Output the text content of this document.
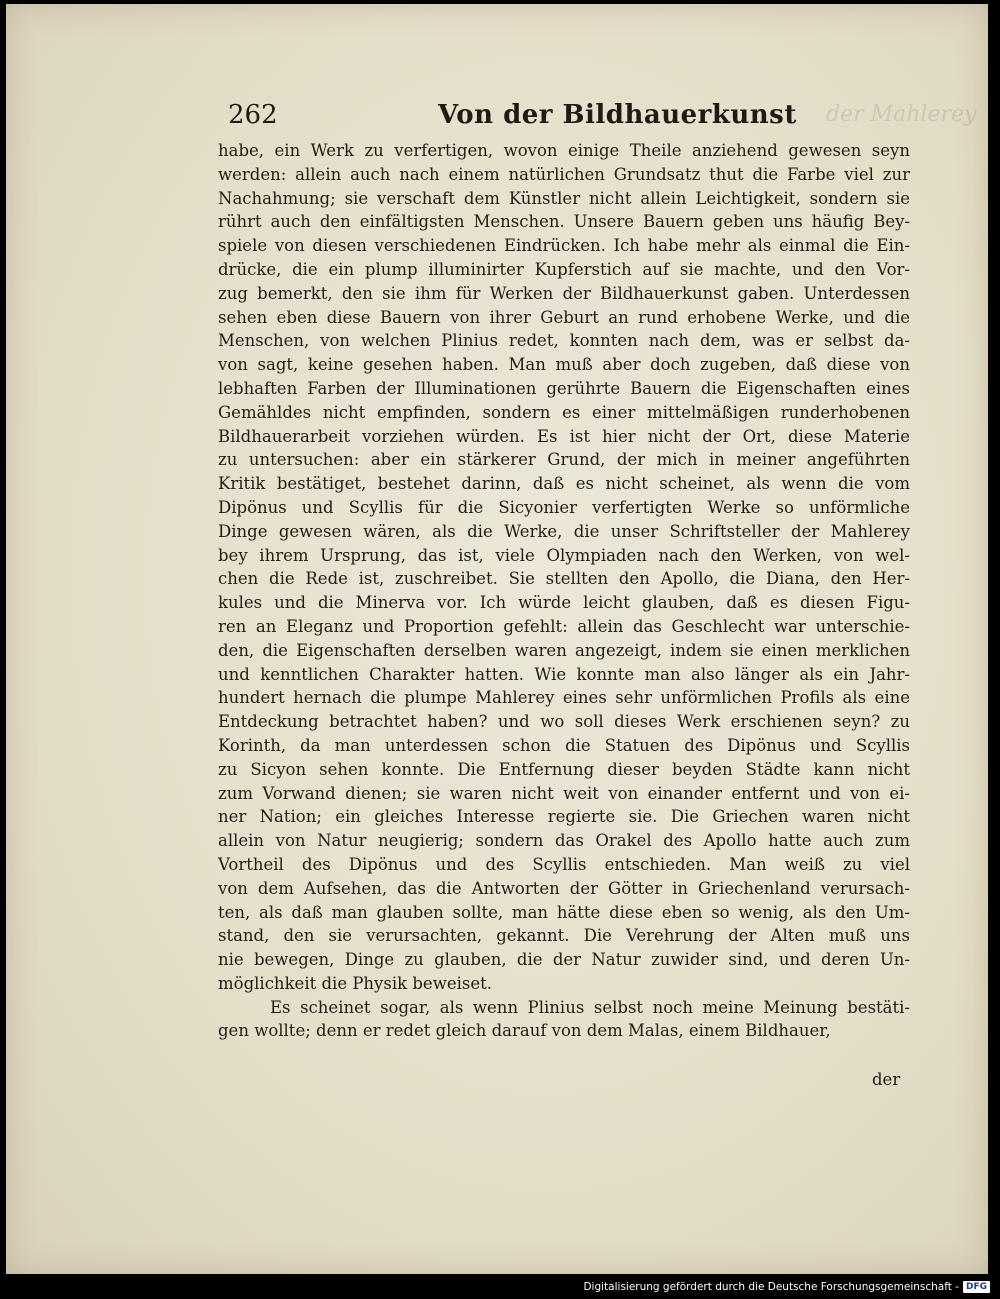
der Mahlerey
262	Von der Bildhauerkunst
habe, ein Werk zu verfertigen, wovon einige Theile anziehend gewesen seyn
werden: allein auch nach einem natürlichen Grundsatz thut die Farbe viel zur
Nachahmung; sie verschaft dem Künstler nicht allein Leichtigkeit, sondern sie
rührt auch den einfältigsten Menschen. Unsere Bauern geben uns häufig Bey-
spiele von diesen verschiedenen Eindrücken. Ich habe mehr als einmal die Ein-
drücke, die ein plump illuminirter Kupferstich auf sie machte, und den Vor-
zug bemerkt, den sie ihm für Werken der Bildhauerkunst gaben. Unterdessen
sehen eben diese Bauern von ihrer Geburt an rund erhobene Werke, und die
Menschen, von welchen Plinius redet, konnten nach dem, was er selbst da-
von sagt, keine gesehen haben. Man muß aber doch zugeben, daß diese von
lebhaften Farben der Illuminationen gerührte Bauern die Eigenschaften eines
Gemähldes nicht empfinden, sondern es einer mittelmäßigen runderhobenen
Bildhauerarbeit vorziehen würden. Es ist hier nicht der Ort, diese Materie
zu untersuchen: aber ein stärkerer Grund, der mich in meiner angeführten
Kritik bestätiget, bestehet darinn, daß es nicht scheinet, als wenn die vom
Dipönus und Scyllis für die Sicyonier verfertigten Werke so unförmliche
Dinge gewesen wären, als die Werke, die unser Schriftsteller der Mahlerey
bey ihrem Ursprung, das ist, viele Olympiaden nach den Werken, von wel-
chen die Rede ist, zuschreibet. Sie stellten den Apollo, die Diana, den Her-
kules und die Minerva vor. Ich würde leicht glauben, daß es diesen Figu-
ren an Eleganz und Proportion gefehlt: allein das Geschlecht war unterschie-
den, die Eigenschaften derselben waren angezeigt, indem sie einen merklichen
und kenntlichen Charakter hatten. Wie konnte man also länger als ein Jahr-
hundert hernach die plumpe Mahlerey eines sehr unförmlichen Profils als eine
Entdeckung betrachtet haben? und wo soll dieses Werk erschienen seyn? zu
Korinth, da man unterdessen schon die Statuen des Dipönus und Scyllis
zu Sicyon sehen konnte. Die Entfernung dieser beyden Städte kann nicht
zum Vorwand dienen; sie waren nicht weit von einander entfernt und von ei-
ner Nation; ein gleiches Interesse regierte sie. Die Griechen waren nicht
allein von Natur neugierig; sondern das Orakel des Apollo hatte auch zum
Vortheil des Dipönus und des Scyllis entschieden. Man weiß zu viel
von dem Aufsehen, das die Antworten der Götter in Griechenland verursach-
ten, als daß man glauben sollte, man hätte diese eben so wenig, als den Um-
stand, den sie verursachten, gekannt. Die Verehrung der Alten muß uns
nie bewegen, Dinge zu glauben, die der Natur zuwider sind, und deren Un-
möglichkeit die Physik beweiset.
Es scheinet sogar, als wenn Plinius selbst noch meine Meinung bestäti-
gen wollte; denn er redet gleich darauf von dem Malas, einem Bildhauer,
der
Digitalisierung gefördert durch die Deutsche Forschungsgemeinschaft - DFG
